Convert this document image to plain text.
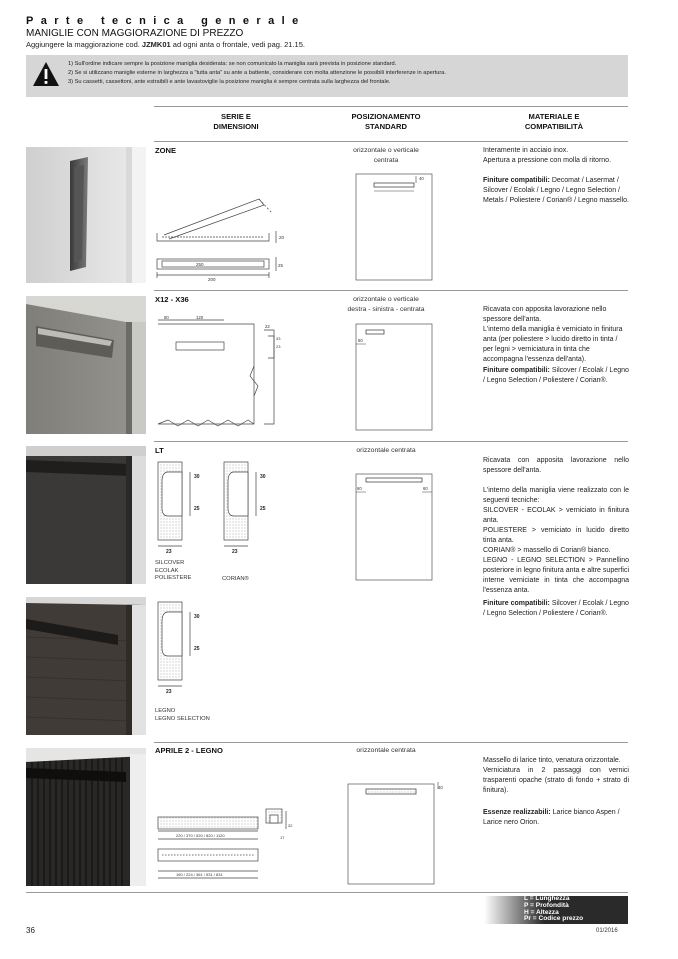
Parte tecnica generale
MANIGLIE CON MAGGIORAZIONE DI PREZZO
Aggiungere la maggiorazione cod. JZMK01 ad ogni anta o frontale, vedi pag. 21.15.
1) Sull'ordine indicare sempre la posizione maniglia desiderata: se non comunicato la maniglia sarà prevista in posizione standard.
2) Se si utilizzano maniglie esterne in larghezza a "tutta anta" su ante a battente, considerare con molta attenzione le possibili interferenze in apertura.
3) Su cassetti, cassettoni, ante estraibili e ante lavastoviglie la posizione maniglia è sempre centrata sulla larghezza del frontale.
SERIE E
DIMENSIONI
POSIZIONAMENTO
STANDARD
MATERIALE E
COMPATIBILITÀ
ZONE
20
250	25
200
orizzontale o verticale
centrata
40
Interamente in acciaio inox.
Apertura a pressione con molla di ritorno.
Finiture compatibili: Decomat / Lasermat / Silcover / Ecolak / Legno / Legno Selection / Metals / Poliestere / Corian® / Legno massello.
X12 - X36
80	120
22
33
23
orizzontale o verticale
destra - sinistra - centrata
60

Ricavata con apposita lavorazione nello spessore dell'anta.
L'interno della maniglia è verniciato in finitura anta (per poliestere > lucido diretto in tinta / per legni > verniciatura in tinta che accompagna l'essenza dell'anta).

Finiture compatibili: Silcover / Ecolak / Legno / Legno Selection / Poliestere / Corian®.
LT
30
25
30
25
23	23
SILCOVER
ECOLAK
POLIESTERE	CORIAN®
orizzontale centrata
60	60

Ricavata con apposita lavorazione nello spessore dell'anta.

L'interno della maniglia viene realizzato con le seguenti tecniche:
SILCOVER - ECOLAK > verniciato in finitura anta.
POLIESTERE > verniciato in lucido diretto tinta anta.
CORIAN® > massello di Corian® bianco.
LEGNO - LEGNO SELECTION > Pannellino posteriore in legno finitura anta e altre superfici interne verniciate in tinta che accompagna l'essenza anta.

Finiture compatibili: Silcover / Ecolak / Legno / Legno Selection / Poliestere / Corian®.
30
25
23
LEGNO
LEGNO SELECTION
APRILE 2 - LEGNO
220 / 370 / 520 / 820 / 1120
160 / 224 / 361 / 531 / 831
17
32
orizzontale centrata
40

Massello di larice tinto, venatura orizzontale.
Verniciatura in 2 passaggi con vernici trasparenti opache (strato di fondo + strato di finitura).

Essenze realizzabili: Larice bianco Aspen / Larice nero Orion.
L = Lunghezza
P = Profondità
H = Altezza
Pr = Codice prezzo
36	01/2016
